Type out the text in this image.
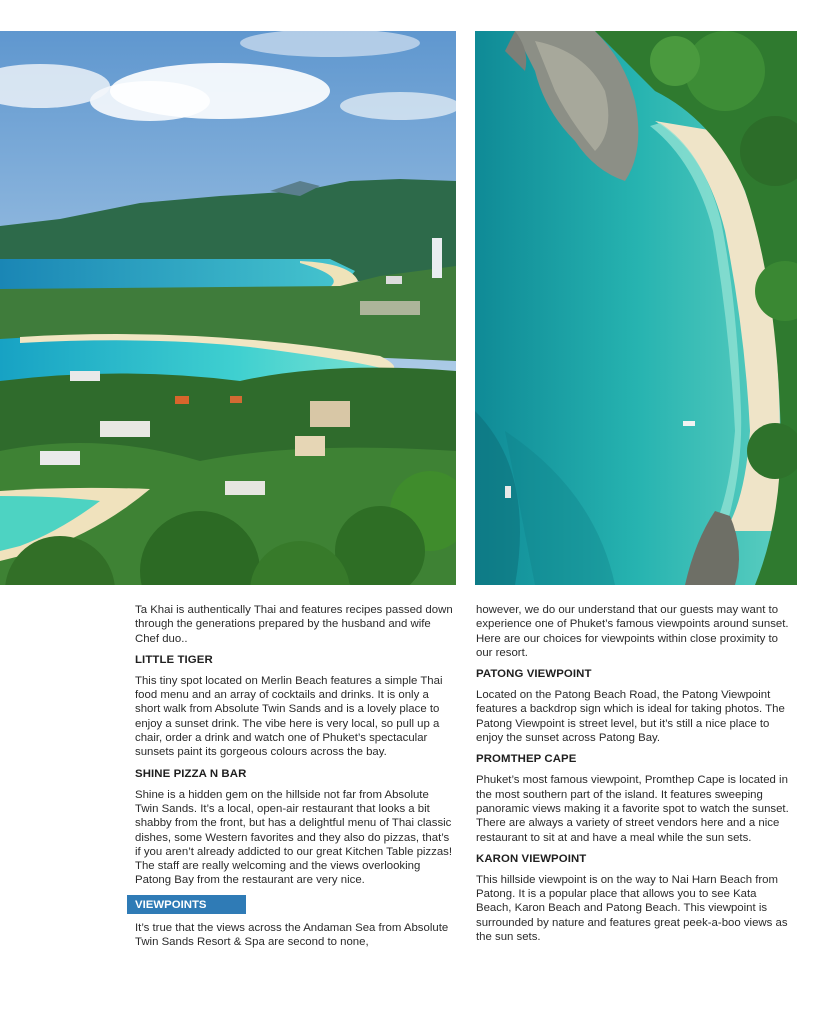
Ta Khai is authentically Thai and features recipes passed down through the generations prepared by the husband and wife Chef duo..

LITTLE TIGER

This tiny spot located on Merlin Beach features a simple Thai food menu and an array of cocktails and drinks. It is only a short walk from Absolute Twin Sands and is a lovely place to enjoy a sunset drink. The vibe here is very local, so pull up a chair, order a drink and watch one of Phuket’s spectacular sunsets paint its gorgeous colours across the bay.

SHINE PIZZA N BAR

Shine is a hidden gem on the hillside not far from Absolute Twin Sands. It’s a local, open-air restaurant that looks a bit shabby from the front, but has a delightful menu of Thai classic dishes, some Western favorites and they also do pizzas, that’s if you aren’t already addicted to our great Kitchen Table pizzas! The staff are really welcoming and the views overlooking Patong Bay from the restaurant are very nice.

VIEWPOINTS

It’s true that the views across the Andaman Sea from Absolute Twin Sands Resort & Spa are second to none,

however, we do our understand that our guests may want to experience one of Phuket’s famous viewpoints around sunset. Here are our choices for viewpoints within close proximity to our resort.

PATONG VIEWPOINT

Located on the Patong Beach Road, the Patong Viewpoint features a backdrop sign which is ideal for taking photos. The Patong Viewpoint is street level, but it’s still a nice place to enjoy the sunset across Patong Bay.

PROMTHEP CAPE

Phuket’s most famous viewpoint, Promthep Cape is located in the most southern part of the island. It features sweeping panoramic views making it a favorite spot to watch the sunset. There are always a variety of street vendors here and a nice restaurant to sit at and have a meal while the sun sets.

KARON VIEWPOINT

This hillside viewpoint is on the way to Nai Harn Beach from Patong. It is a popular place that allows you to see Kata Beach, Karon Beach and Patong Beach. This viewpoint is surrounded by nature and features great peek-a-boo views as the sun sets.
